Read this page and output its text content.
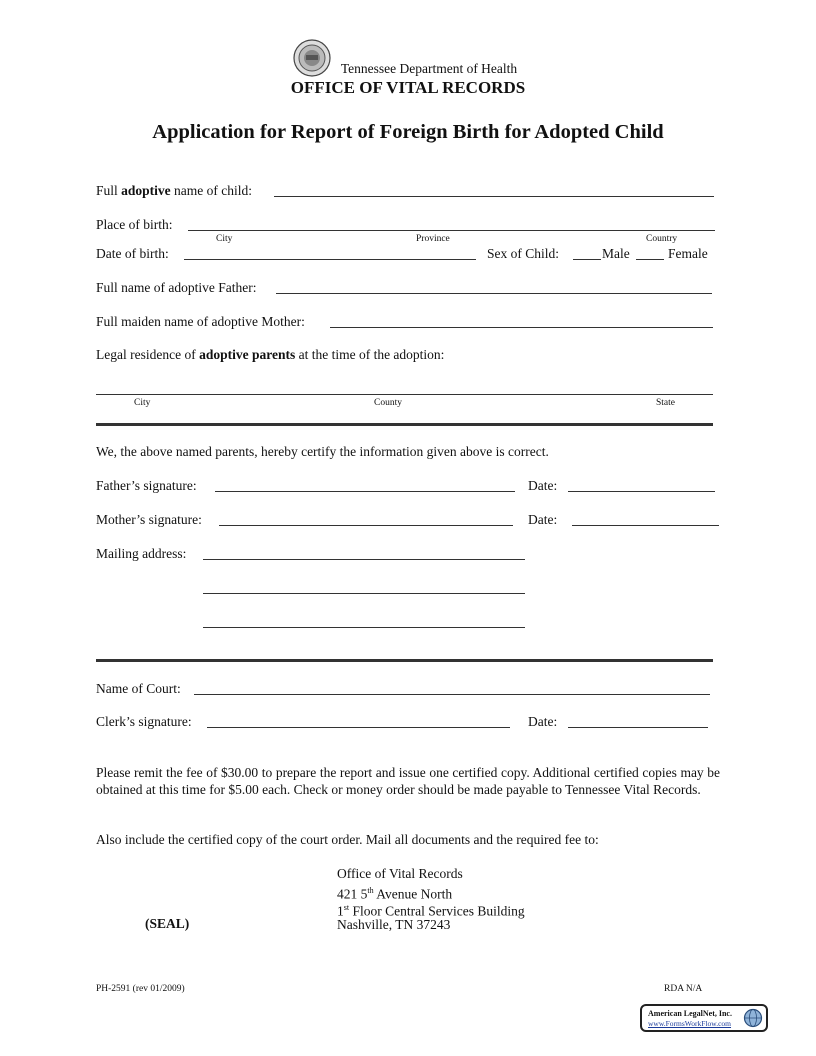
Tennessee Department of Health
OFFICE OF VITAL RECORDS
Application for Report of Foreign Birth for Adopted Child
Full adoptive name of child:
Place of birth:
City	Province	Country
Date of birth:	Sex of Child:	Male	Female
Full name of adoptive Father:
Full maiden name of adoptive Mother:
Legal residence of adoptive parents at the time of the adoption:
City	County	State
We, the above named parents, hereby certify the information given above is correct.
Father’s signature:	Date:
Mother’s signature:	Date:
Mailing address:
Name of Court:
Clerk’s signature:	Date:
Please remit the fee of $30.00 to prepare the report and issue one certified copy. Additional certified copies may be obtained at this time for $5.00 each. Check or money order should be made payable to Tennessee Vital Records.
Also include the certified copy of the court order. Mail all documents and the required fee to:
Office of Vital Records
421 5th Avenue North
1st Floor Central Services Building
Nashville, TN 37243
(SEAL)
PH-2591 (rev 01/2009)	RDA N/A
American LegalNet, Inc.
www.FormsWorkFlow.com
